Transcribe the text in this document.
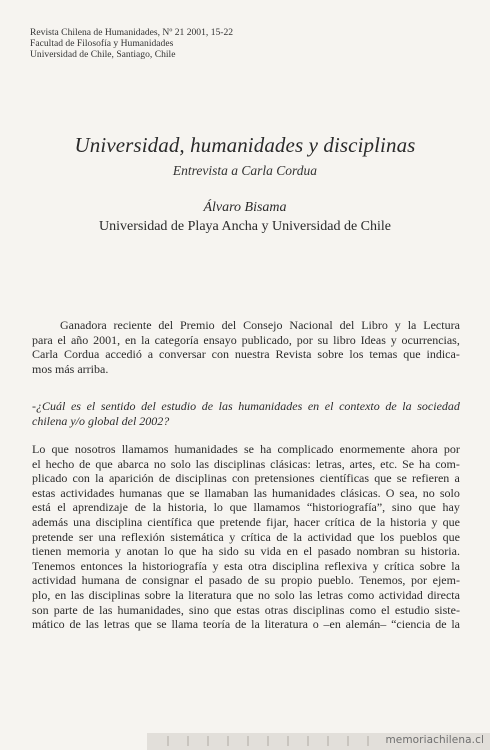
Revista Chilena de Humanidades, Nº 21 2001, 15-22
Facultad de Filosofía y Humanidades
Universidad de Chile, Santiago, Chile
Universidad, humanidades y disciplinas
Entrevista a Carla Cordua
Álvaro Bisama
Universidad de Playa Ancha y Universidad de Chile
Ganadora reciente del Premio del Consejo Nacional del Libro y la Lectura
para el año 2001, en la categoría ensayo publicado, por su libro Ideas y ocurrencias,
Carla Cordua accedió a conversar con nuestra Revista sobre los temas que indica-
mos más arriba.
-¿Cuál es el sentido del estudio de las humanidades en el contexto de la sociedad
chilena y/o global del 2002?
Lo que nosotros llamamos humanidades se ha complicado enormemente ahora por
el hecho de que abarca no solo las disciplinas clásicas: letras, artes, etc. Se ha com-
plicado con la aparición de disciplinas con pretensiones científicas que se refieren a
estas actividades humanas que se llamaban las humanidades clásicas. O sea, no solo
está el aprendizaje de la historia, lo que llamamos “historiografía”, sino que hay
además una disciplina científica que pretende fijar, hacer crítica de la historia y que
pretende ser una reflexión sistemática y crítica de la actividad que los pueblos que
tienen memoria y anotan lo que ha sido su vida en el pasado nombran su historia.
Tenemos entonces la historiografía y esta otra disciplina reflexiva y crítica sobre la
actividad humana de consignar el pasado de su propio pueblo. Tenemos, por ejem-
plo, en las disciplinas sobre la literatura que no solo las letras como actividad directa
son parte de las humanidades, sino que estas otras disciplinas como el estudio siste-
mático de las letras que se llama teoría de la literatura o –en alemán– “ciencia de la
memoriachilena.cl
